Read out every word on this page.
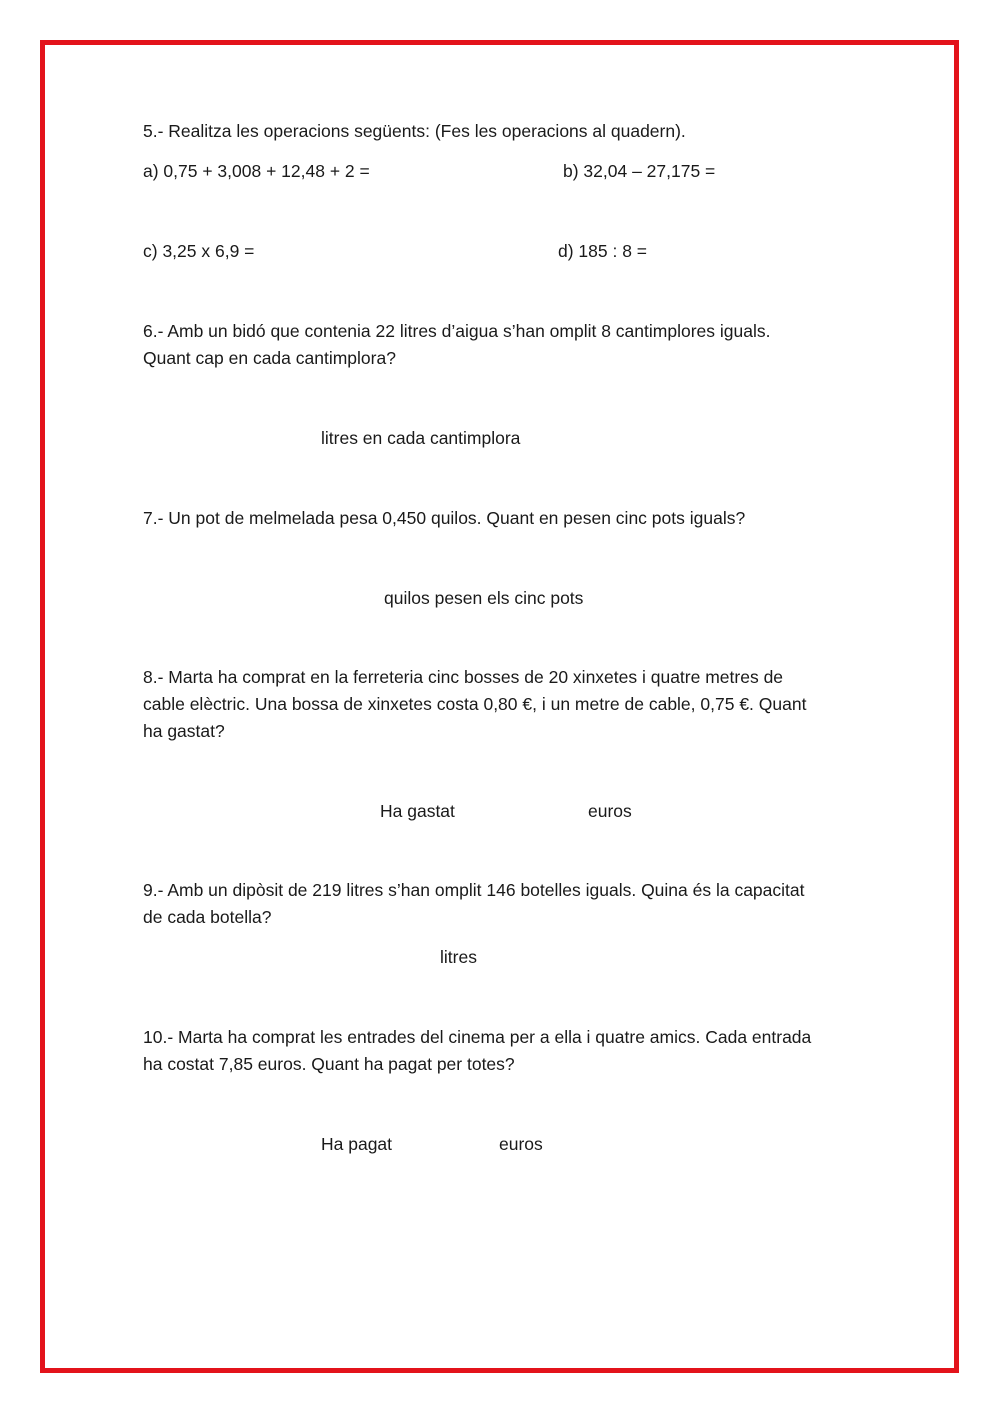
5.- Realitza les operacions següents: (Fes les operacions al quadern).
a) 0,75 + 3,008 + 12,48 + 2 =	b) 32,04 – 27,175 =
c) 3,25 x 6,9 =	d) 185 : 8 =
6.- Amb un bidó que contenia 22 litres d’aigua s’han omplit 8 cantimplores iguals.
Quant cap en cada cantimplora?
litres en cada cantimplora
7.- Un pot de melmelada pesa 0,450 quilos. Quant en pesen cinc pots iguals?
quilos pesen els cinc pots
8.- Marta ha comprat en la ferreteria cinc bosses de 20 xinxetes i quatre metres de
cable elèctric. Una bossa de xinxetes costa 0,80 €, i un metre de cable, 0,75 €. Quant
ha gastat?
Ha gastat	euros
9.- Amb un dipòsit de 219 litres s’han omplit 146 botelles iguals. Quina és la capacitat
de cada botella?
litres
10.- Marta ha comprat les entrades del cinema per a ella i quatre amics. Cada entrada
ha costat 7,85 euros. Quant ha pagat per totes?
Ha pagat	euros
